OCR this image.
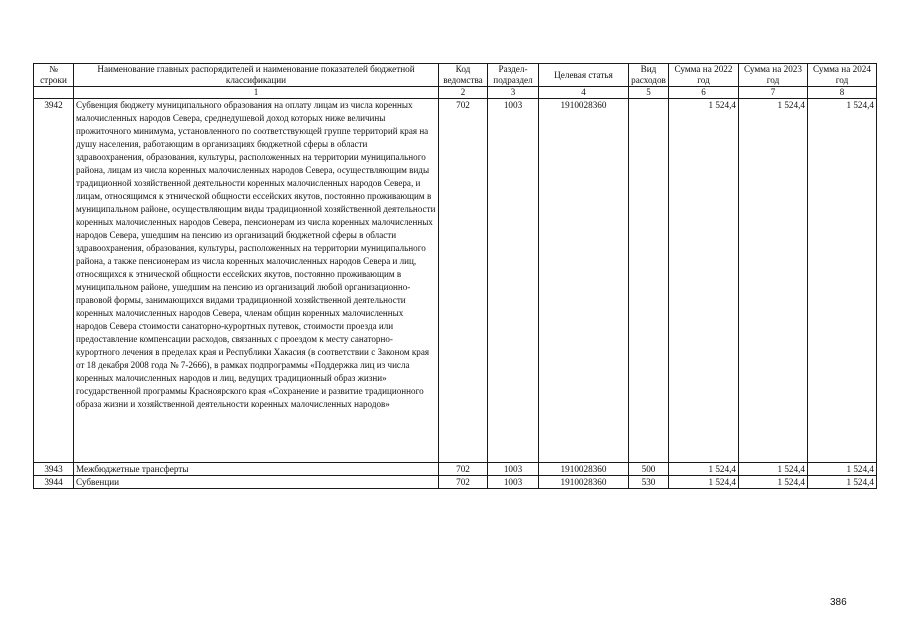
№ строки	Наименование главных распорядителей и наименование показателей бюджетной классификации	Код ведомства	Раздел-подраздел	Целевая статья	Вид расходов	Сумма на 2022 год	Сумма на 2023 год	Сумма на 2024 год
	1	2	3	4	5	6	7	8
3942	Субвенция бюджету муниципального образования на оплату лицам из числа коренных малочисленных народов Севера, среднедушевой доход которых ниже величины прожиточного минимума, установленного по соответствующей группе территорий края на душу населения, работающим в организациях бюджетной сферы в области здравоохранения, образования, культуры, расположенных на территории муниципального района, лицам из числа коренных малочисленных народов Севера, осуществляющим виды традиционной хозяйственной деятельности коренных малочисленных народов Севера, и лицам, относящимся к этнической общности ессейских якутов, постоянно проживающим в муниципальном районе, осуществляющим виды традиционной хозяйственной деятельности коренных малочисленных народов Севера, пенсионерам из числа коренных малочисленных народов Севера, ушедшим на пенсию из организаций бюджетной сферы в области здравоохранения, образования, культуры, расположенных на территории муниципального района, а также пенсионерам из числа коренных малочисленных народов Севера и лиц, относящихся к этнической общности ессейских якутов, постоянно проживающим в муниципальном районе, ушедшим на пенсию из организаций любой организационно-правовой формы, занимающихся видами традиционной хозяйственной деятельности коренных малочисленных народов Севера, членам общин коренных малочисленных народов Севера стоимости санаторно-курортных путевок, стоимости проезда или предоставление компенсации расходов, связанных с проездом к месту санаторно-курортного лечения в пределах края и Республики Хакасия (в соответствии с Законом края от 18 декабря 2008 года № 7-2666), в рамках подпрограммы «Поддержка лиц из числа коренных малочисленных народов и лиц, ведущих традиционный образ жизни» государственной программы Красноярского края «Сохранение и развитие традиционного образа жизни и хозяйственной деятельности коренных малочисленных народов»	702	1003	1910028360		1 524,4	1 524,4	1 524,4
3943	Межбюджетные трансферты	702	1003	1910028360	500	1 524,4	1 524,4	1 524,4
3944	Субвенции	702	1003	1910028360	530	1 524,4	1 524,4	1 524,4
386
